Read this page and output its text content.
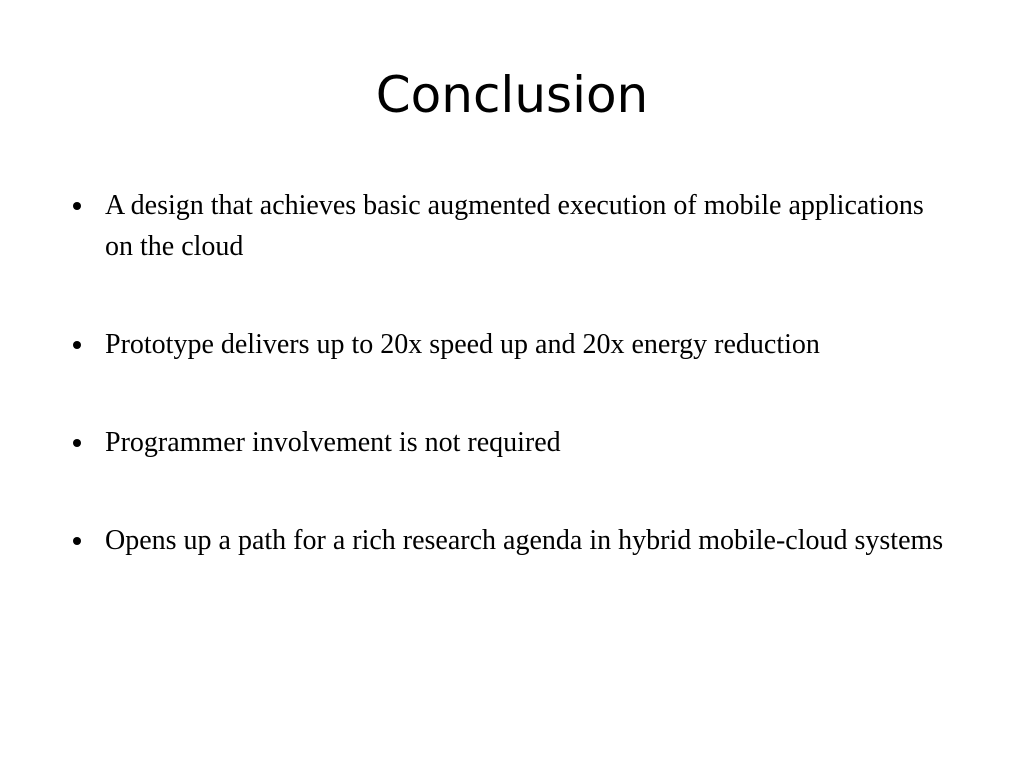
Conclusion
A design that achieves basic augmented execution of mobile applications on the cloud
Prototype delivers up to 20x speed up and 20x energy reduction
Programmer involvement is not required
Opens up a path for a rich research agenda in hybrid mobile-cloud systems
